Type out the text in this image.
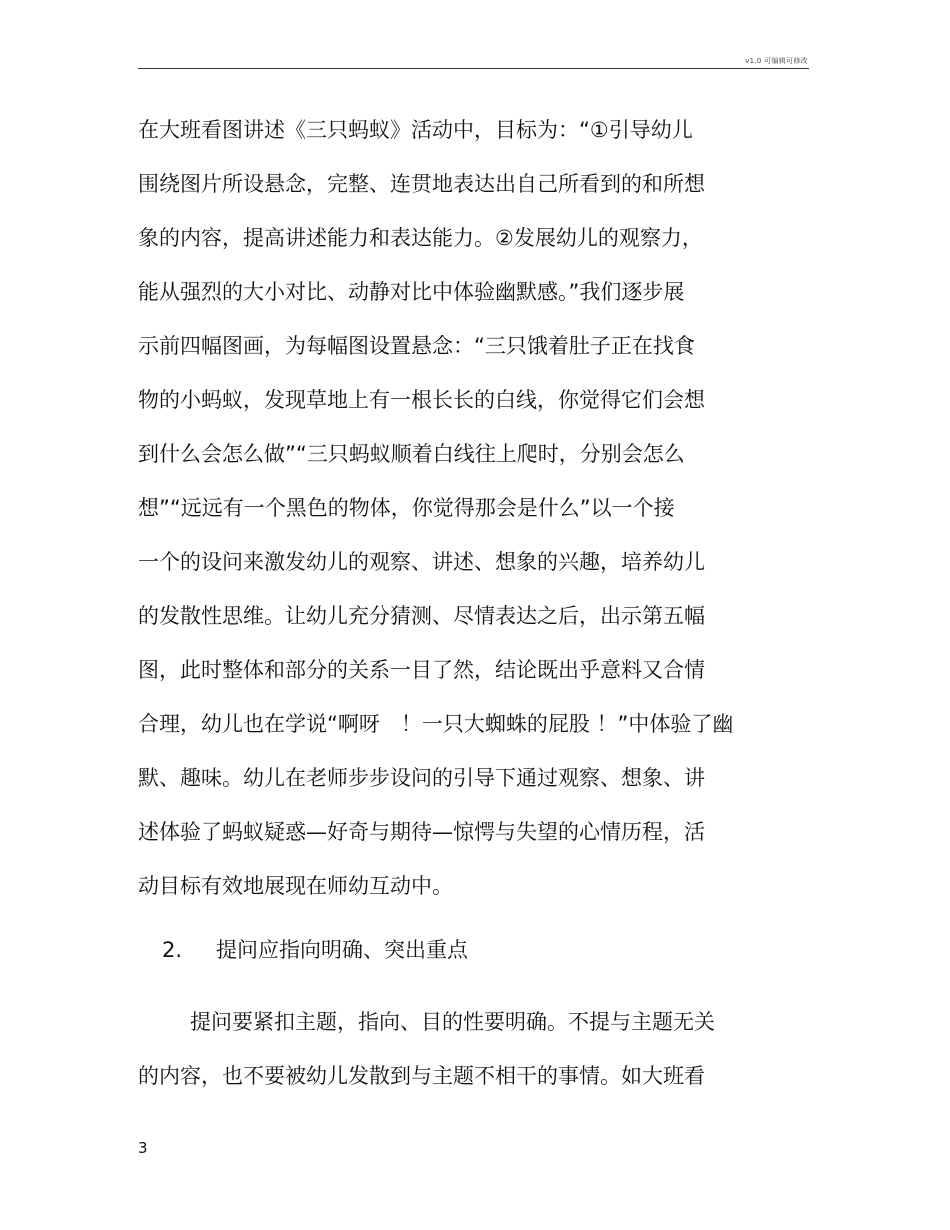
v1.0 可编辑可修改
在大班看图讲述《三只蚂蚁》活动中，目标为：“①引导幼儿
围绕图片所设悬念，完整、连贯地表达出自己所看到的和所想
象的内容，提高讲述能力和表达能力。②发展幼儿的观察力，
能从强烈的大小对比、动静对比中体验幽默感。”我们逐步展
示前四幅图画，为每幅图设置悬念：“三只饿着肚子正在找食
物的小蚂蚁，发现草地上有一根长长的白线，你觉得它们会想
到什么会怎么做”“三只蚂蚁顺着白线往上爬时，分别会怎么
想”“远远有一个黑色的物体，你觉得那会是什么”以一个接
一个的设问来激发幼儿的观察、讲述、想象的兴趣，培养幼儿
的发散性思维。让幼儿充分猜测、尽情表达之后，出示第五幅
图，此时整体和部分的关系一目了然，结论既出乎意料又合情
合理，幼儿也在学说“啊呀　！一只大蜘蛛的屁股 ！”中体验了幽
默、趣味。幼儿在老师步步设问的引导下通过观察、想象、讲
述体验了蚂蚁疑惑—好奇与期待—惊愕与失望的心情历程，活
动目标有效地展现在师幼互动中。
2. 提问应指向明确、突出重点
提问要紧扣主题，指向、目的性要明确。不提与主题无关
的内容，也不要被幼儿发散到与主题不相干的事情。如大班看
3
